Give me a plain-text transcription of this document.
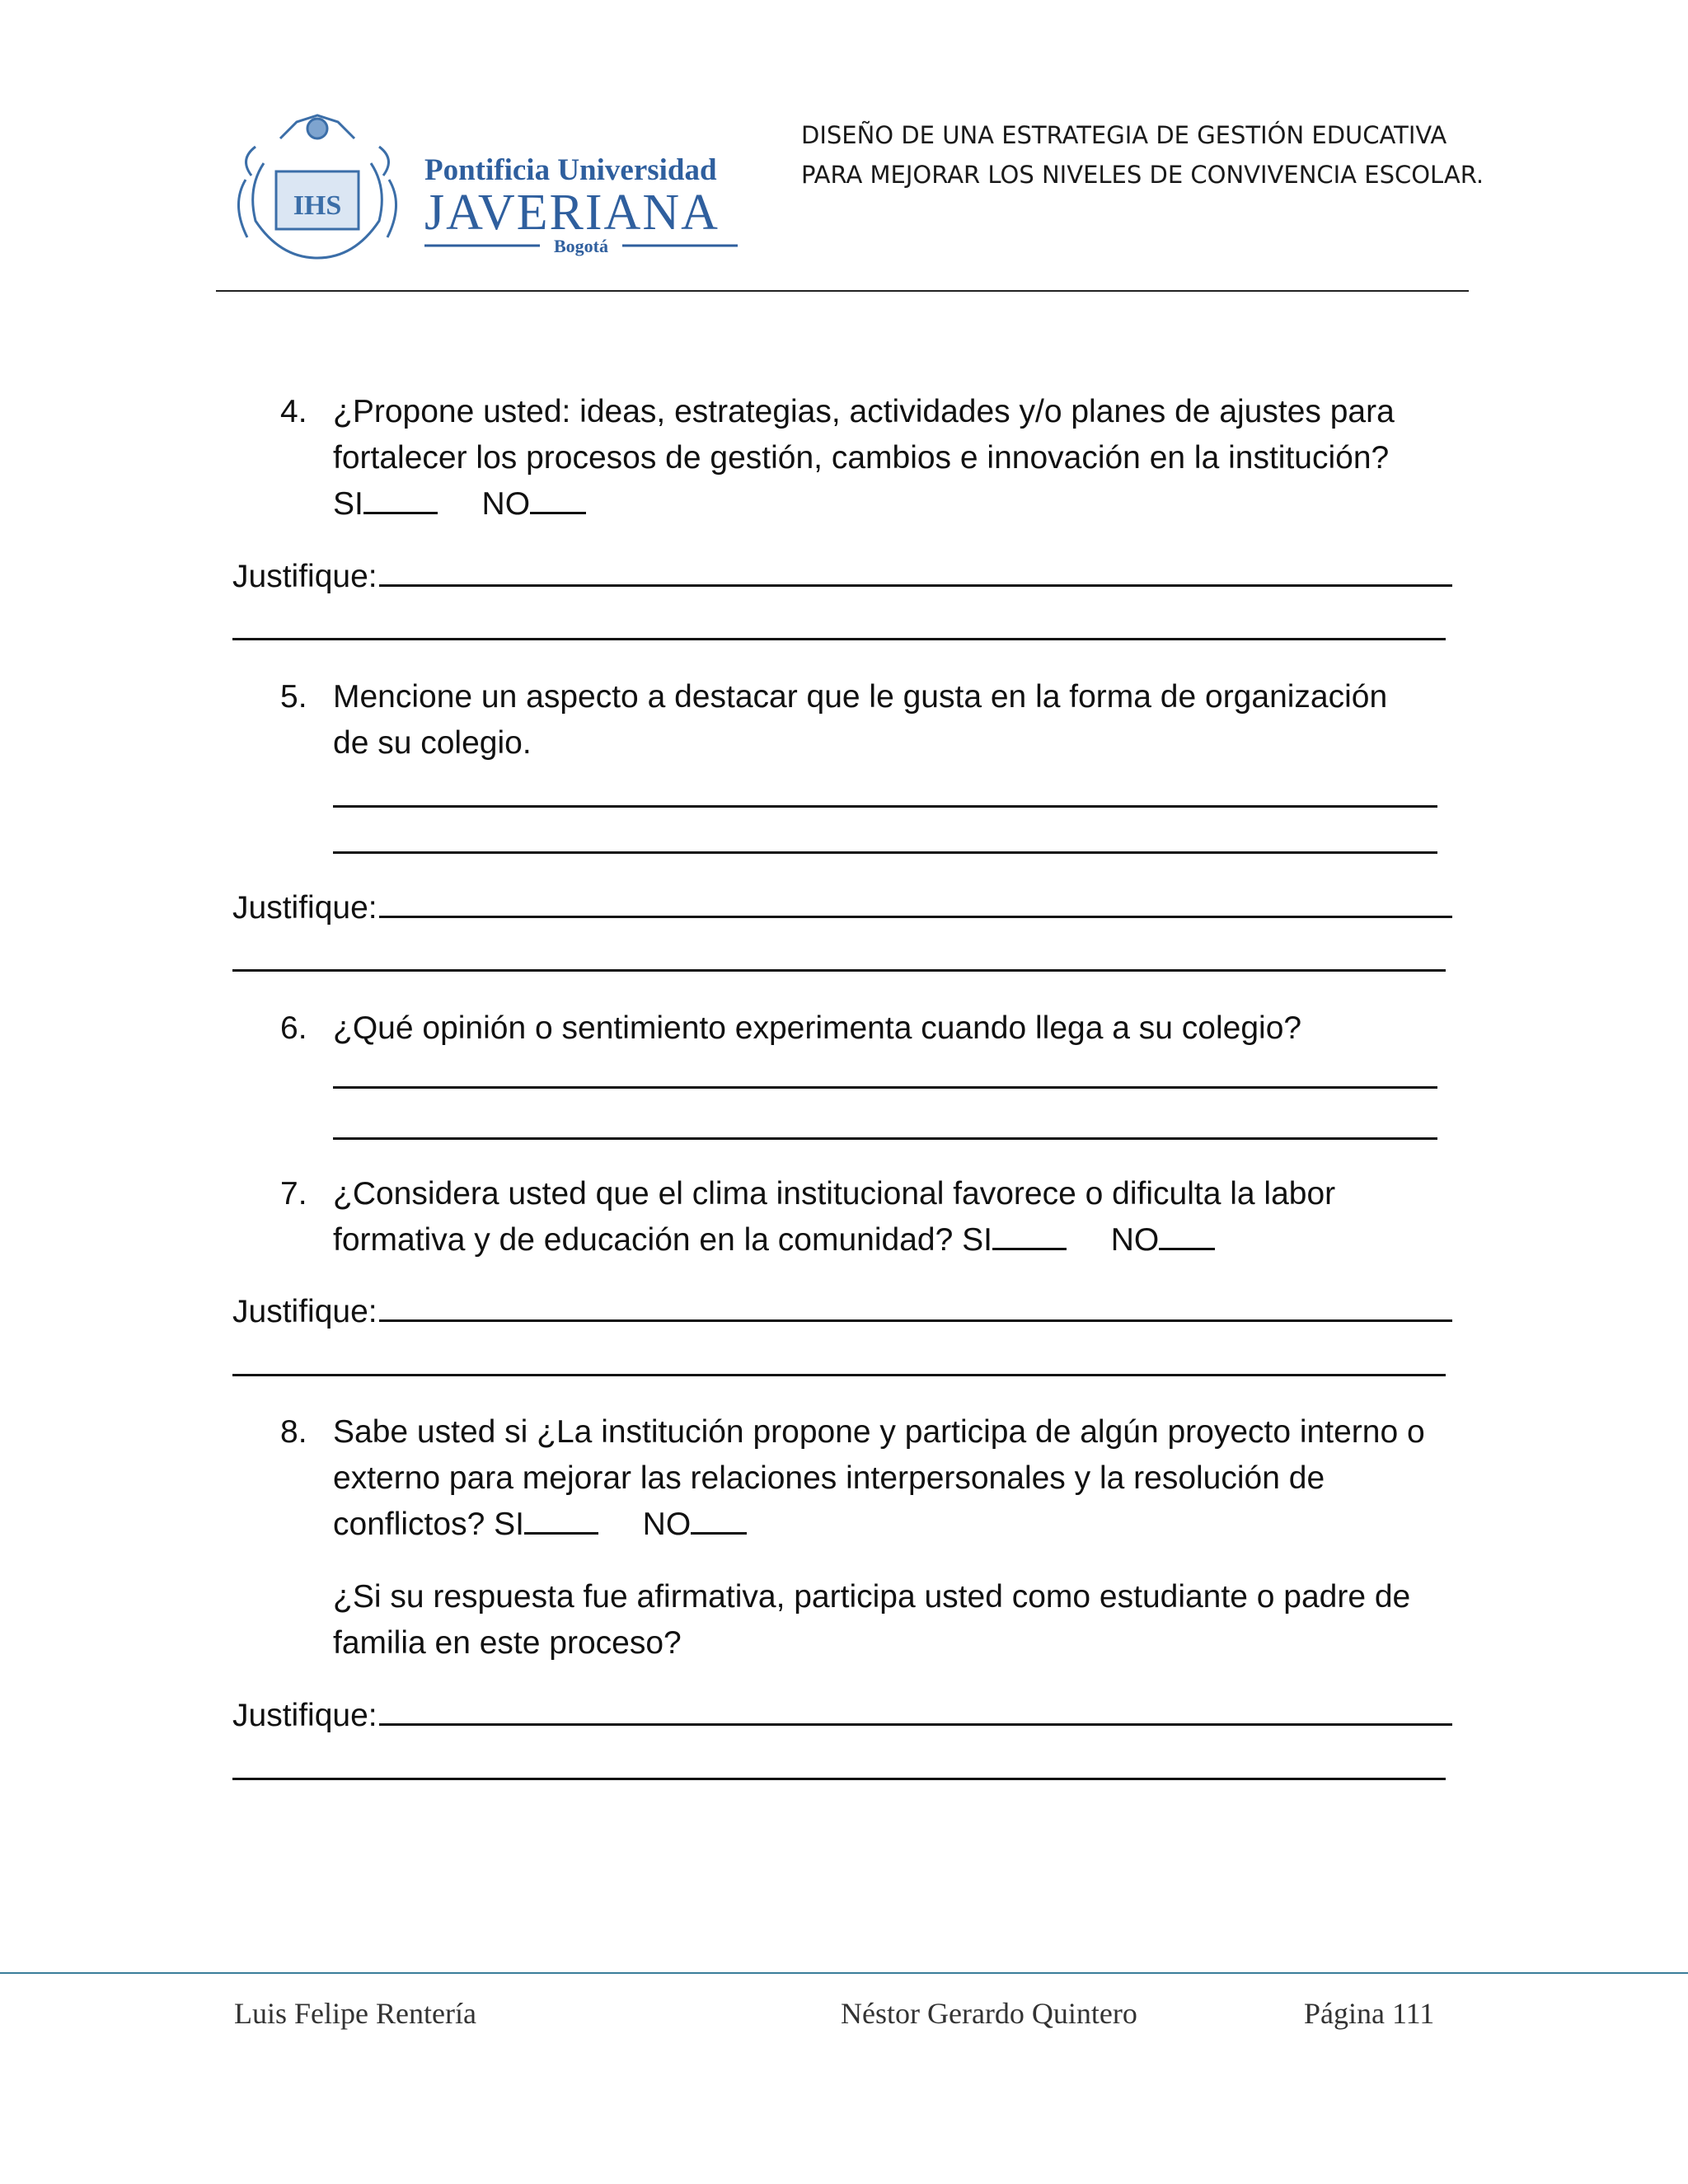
IHS
Pontificia Universidad
JAVERIANA
Bogotá
DISEÑO DE UNA ESTRATEGIA DE GESTIÓN EDUCATIVA
PARA MEJORAR LOS NIVELES DE CONVIVENCIA ESCOLAR.
4. ¿Propone usted: ideas, estrategias, actividades y/o planes de ajustes para

fortalecer los procesos de gestión, cambios e innovación en la institución?

SI	NO

Justifique:
5. Mencione un aspecto a destacar que le gusta en la forma de organización

de su colegio.

Justifique:
6. ¿Qué opinión o sentimiento experimenta cuando llega a su colegio?

7. ¿Considera usted que el clima institucional favorece o dificulta la labor

formativa y de educación en la comunidad? SI	NO

Justifique:
8. Sabe usted si ¿La institución propone y participa de algún proyecto interno o

externo para mejorar las relaciones interpersonales y la resolución de

conflictos? SI	NO

¿Si su respuesta fue afirmativa, participa usted como estudiante o padre de

familia en este proceso?

Justifique:
Luis Felipe Rentería	Néstor Gerardo Quintero	Página 111
